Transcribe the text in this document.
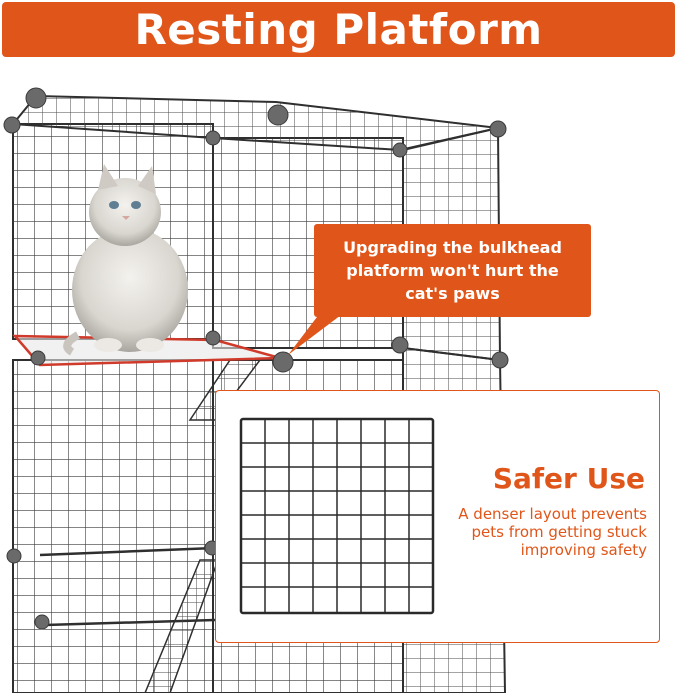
Resting Platform
Upgrading the bulkhead
platform won't hurt the
cat's paws
Safer Use
A denser layout prevents
pets from getting stuck
improving safety
